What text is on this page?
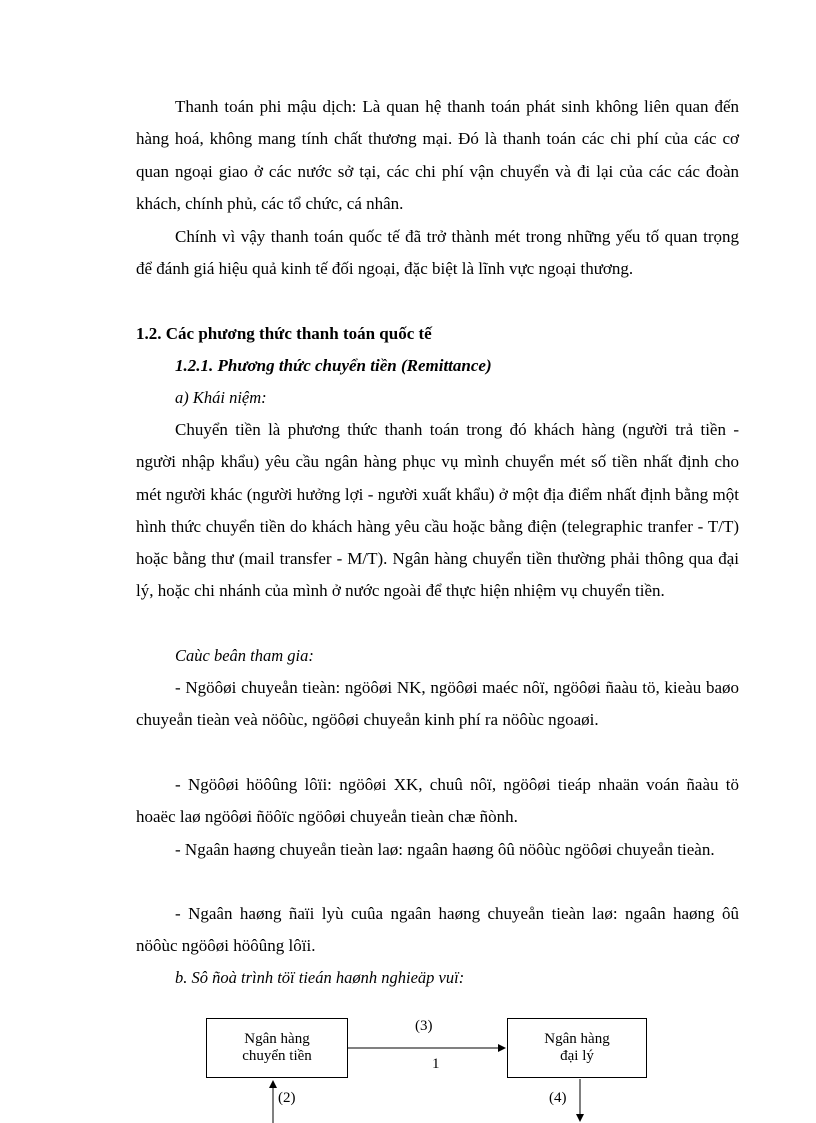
Thanh toán phi mậu dịch: Là quan hệ thanh toán phát sinh không liên quan đến hàng hoá, không mang tính chất thương mại. Đó là thanh toán các chi phí của các cơ quan ngoại giao ở các nước sở tại, các chi phí vận chuyển và đi lại của các các đoàn khách, chính phủ, các tổ chức, cá nhân.

Chính vì vậy thanh toán quốc tế đã trở thành mét trong những yếu tố quan trọng để đánh giá hiệu quả kinh tế đối ngoại, đặc biệt là lĩnh vực ngoại thương.

1.2. Các phương thức thanh toán quốc tế

1.2.1. Phương thức chuyển tiền (Remittance)

a) Khái niệm:

Chuyển tiền là phương thức thanh toán trong đó khách hàng (người trả tiền - người nhập khẩu) yêu cầu ngân hàng phục vụ mình chuyển mét số tiền nhất định cho mét người khác (người hưởng lợi - người xuất khẩu) ở một địa điểm nhất định bằng một hình thức chuyển tiền do khách hàng yêu cầu hoặc bằng điện (telegraphic tranfer - T/T) hoặc bằng thư (mail transfer - M/T). Ngân hàng chuyển tiền thường phải thông qua đại lý, hoặc chi nhánh của mình ở nước ngoài để thực hiện nhiệm vụ chuyển tiền.

Caùc beân tham gia:

- Ngöôøi chuyeån tieàn: ngöôøi NK, ngöôøi maéc nôï, ngöôøi ñaàu tö, kieàu baøo chuyeån tieàn veà nöôùc, ngöôøi chuyeån kinh phí ra nöôùc ngoaøi.

- Ngöôøi höôûng lôïi: ngöôøi XK, chuû nôï, ngöôøi tieáp nhaän voán ñaàu tö hoaëc laø ngöôøi ñöôïc ngöôøi chuyeån tieàn chæ ñònh.

- Ngaân haøng chuyeån tieàn laø: ngaân haøng ôû nöôùc ngöôøi chuyeån tieàn.

- Ngaân haøng ñaïi lyù cuûa ngaân haøng chuyeån tieàn laø: ngaân haøng ôû nöôùc ngöôøi höôûng lôïi.

b. Sô ñoà trình töï tieán haønh nghieäp vuï:

Ngân hàng
chuyển tiền
Ngân hàng
đại lý
(3)
1
(2)	(4)
